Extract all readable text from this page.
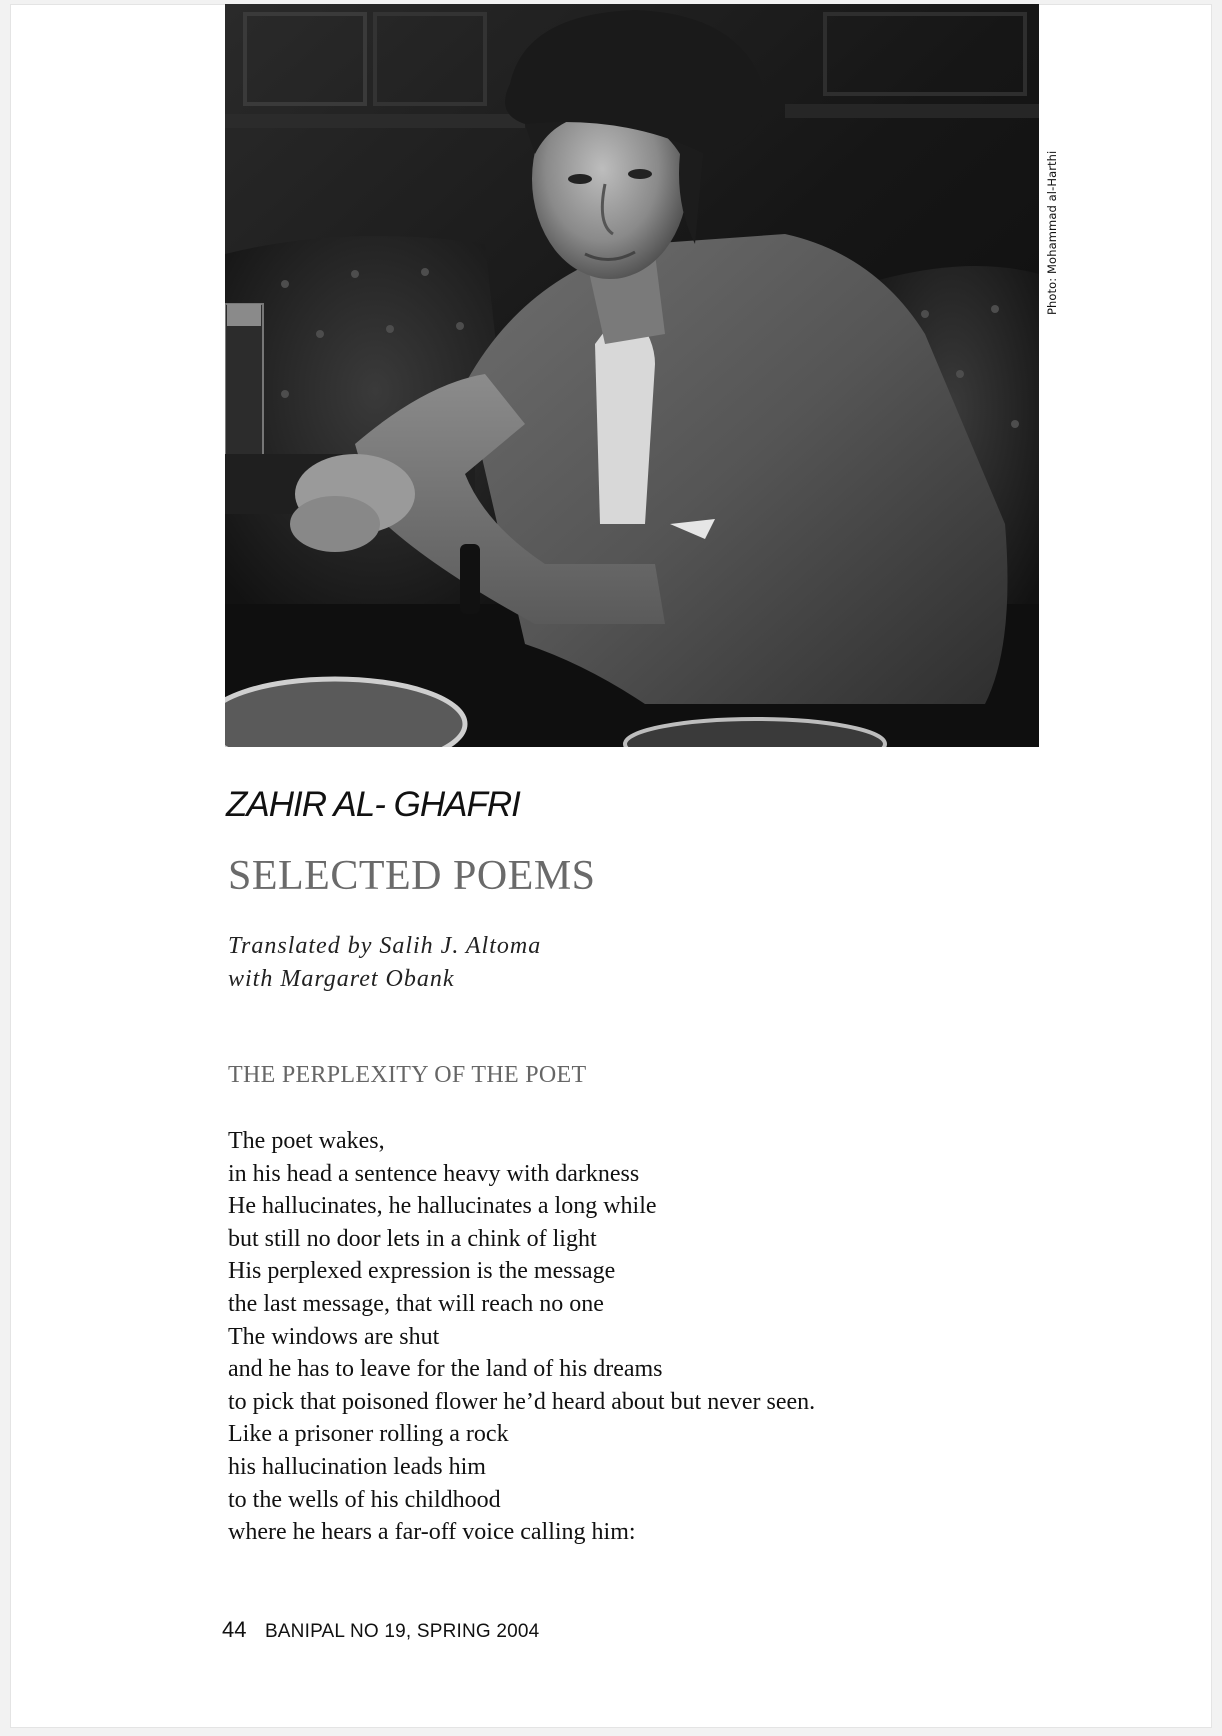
Photo: Mohammad al-Harthi
ZAHIR AL- GHAFRI
SELECTED POEMS
Translated by Salih J. Altoma
with Margaret Obank
THE PERPLEXITY OF THE POET
The poet wakes,
in his head a sentence heavy with darkness
He hallucinates, he hallucinates a long while
but still no door lets in a chink of light
His perplexed expression is the message
the last message, that will reach no one
The windows are shut
and he has to leave for the land of his dreams
to pick that poisoned flower he’d heard about but never seen.
Like a prisoner rolling a rock
his hallucination leads him
to the wells of his childhood
where he hears a far-off voice calling him:
44 BANIPAL NO 19, SPRING 2004
